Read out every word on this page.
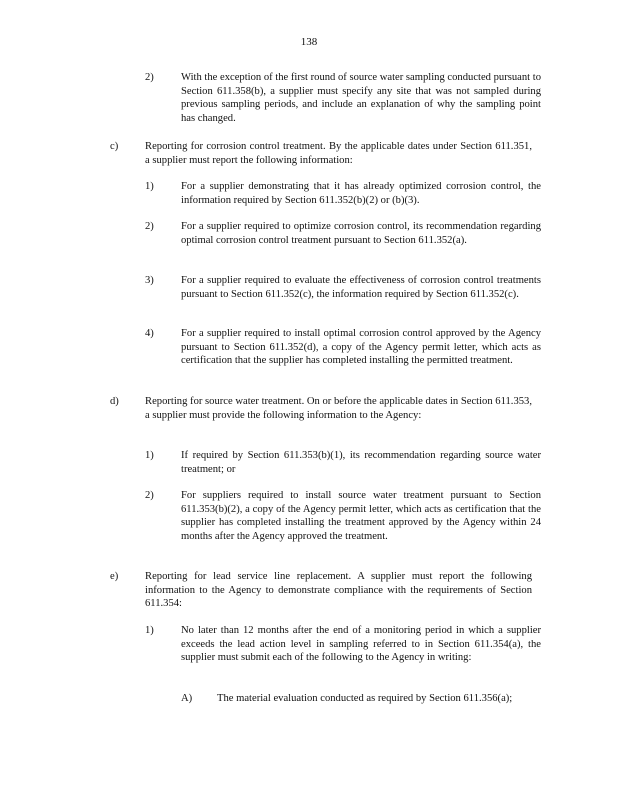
138
2)	With the exception of the first round of source water sampling conducted pursuant to Section 611.358(b), a supplier must specify any site that was not sampled during previous sampling periods, and include an explanation of why the sampling point has changed.
c)	Reporting for corrosion control treatment. By the applicable dates under Section 611.351, a supplier must report the following information:
1)	For a supplier demonstrating that it has already optimized corrosion control, the information required by Section 611.352(b)(2) or (b)(3).
2)	For a supplier required to optimize corrosion control, its recommendation regarding optimal corrosion control treatment pursuant to Section 611.352(a).
3)	For a supplier required to evaluate the effectiveness of corrosion control treatments pursuant to Section 611.352(c), the information required by Section 611.352(c).
4)	For a supplier required to install optimal corrosion control approved by the Agency pursuant to Section 611.352(d), a copy of the Agency permit letter, which acts as certification that the supplier has completed installing the permitted treatment.
d) Reporting for source water treatment. On or before the applicable dates in Section 611.353, a supplier must provide the following information to the Agency:
1)	If required by Section 611.353(b)(1), its recommendation regarding source water treatment; or
2)	For suppliers required to install source water treatment pursuant to Section 611.353(b)(2), a copy of the Agency permit letter, which acts as certification that the supplier has completed installing the treatment approved by the Agency within 24 months after the Agency approved the treatment.
e)	Reporting for lead service line replacement. A supplier must report the following information to the Agency to demonstrate compliance with the requirements of Section 611.354:
1)	No later than 12 months after the end of a monitoring period in which a supplier exceeds the lead action level in sampling referred to in Section 611.354(a), the supplier must submit each of the following to the Agency in writing:
A) The material evaluation conducted as required by Section 611.356(a);
